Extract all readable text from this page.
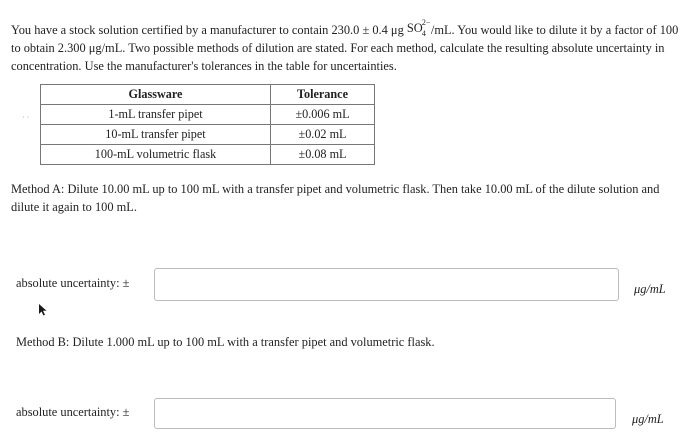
You have a stock solution certified by a manufacturer to contain 230.0 ± 0.4 μg SO 2−
4 /mL. You would like to dilute it by a factor of 100 to obtain 2.300 μg/mL. Two possible methods of dilution are stated. For each method, calculate the resulting absolute uncertainty in concentration. Use the manufacturer's tolerances in the table for uncertainties.

Glassware	Tolerance
1-mL transfer pipet	±0.006 mL
10-mL transfer pipet	±0.02 mL
100-mL volumetric flask	±0.08 mL
· ·

Method A: Dilute 10.00 mL up to 100 mL with a transfer pipet and volumetric flask. Then take 10.00 mL of the dilute solution and dilute it again to 100 mL.

absolute uncertainty: ±	μg/mL

Method B: Dilute 1.000 mL up to 100 mL with a transfer pipet and volumetric flask.

absolute uncertainty: ±	μg/mL
